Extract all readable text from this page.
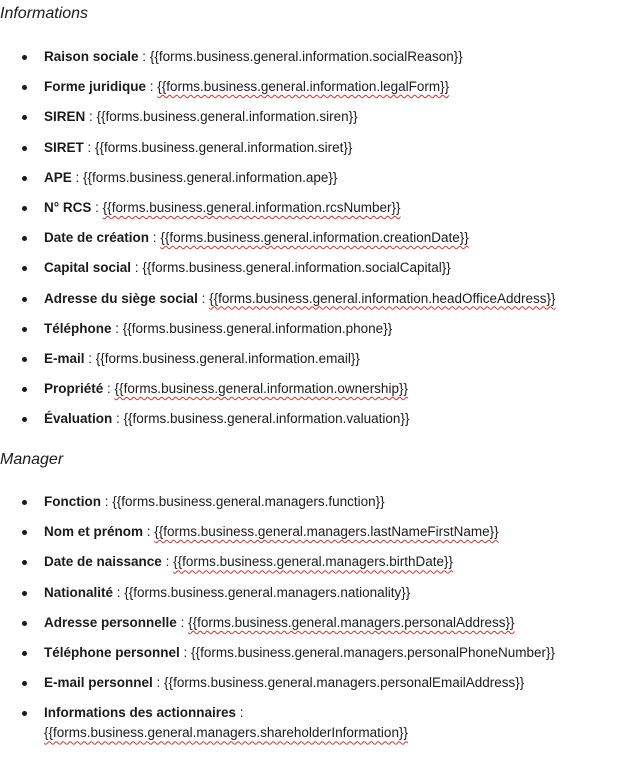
Informations
Raison sociale : {{forms.business.general.information.socialReason}}
Forme juridique : {{forms.business.general.information.legalForm}}
SIREN : {{forms.business.general.information.siren}}
SIRET : {{forms.business.general.information.siret}}
APE : {{forms.business.general.information.ape}}
N° RCS : {{forms.business.general.information.rcsNumber}}
Date de création : {{forms.business.general.information.creationDate}}
Capital social : {{forms.business.general.information.socialCapital}}
Adresse du siège social : {{forms.business.general.information.headOfficeAddress}}
Téléphone : {{forms.business.general.information.phone}}
E-mail : {{forms.business.general.information.email}}
Propriété : {{forms.business.general.information.ownership}}
Évaluation : {{forms.business.general.information.valuation}}
Manager
Fonction : {{forms.business.general.managers.function}}
Nom et prénom : {{forms.business.general.managers.lastNameFirstName}}
Date de naissance : {{forms.business.general.managers.birthDate}}
Nationalité : {{forms.business.general.managers.nationality}}
Adresse personnelle : {{forms.business.general.managers.personalAddress}}
Téléphone personnel : {{forms.business.general.managers.personalPhoneNumber}}
E-mail personnel : {{forms.business.general.managers.personalEmailAddress}}
Informations des actionnaires :
{{forms.business.general.managers.shareholderInformation}}
